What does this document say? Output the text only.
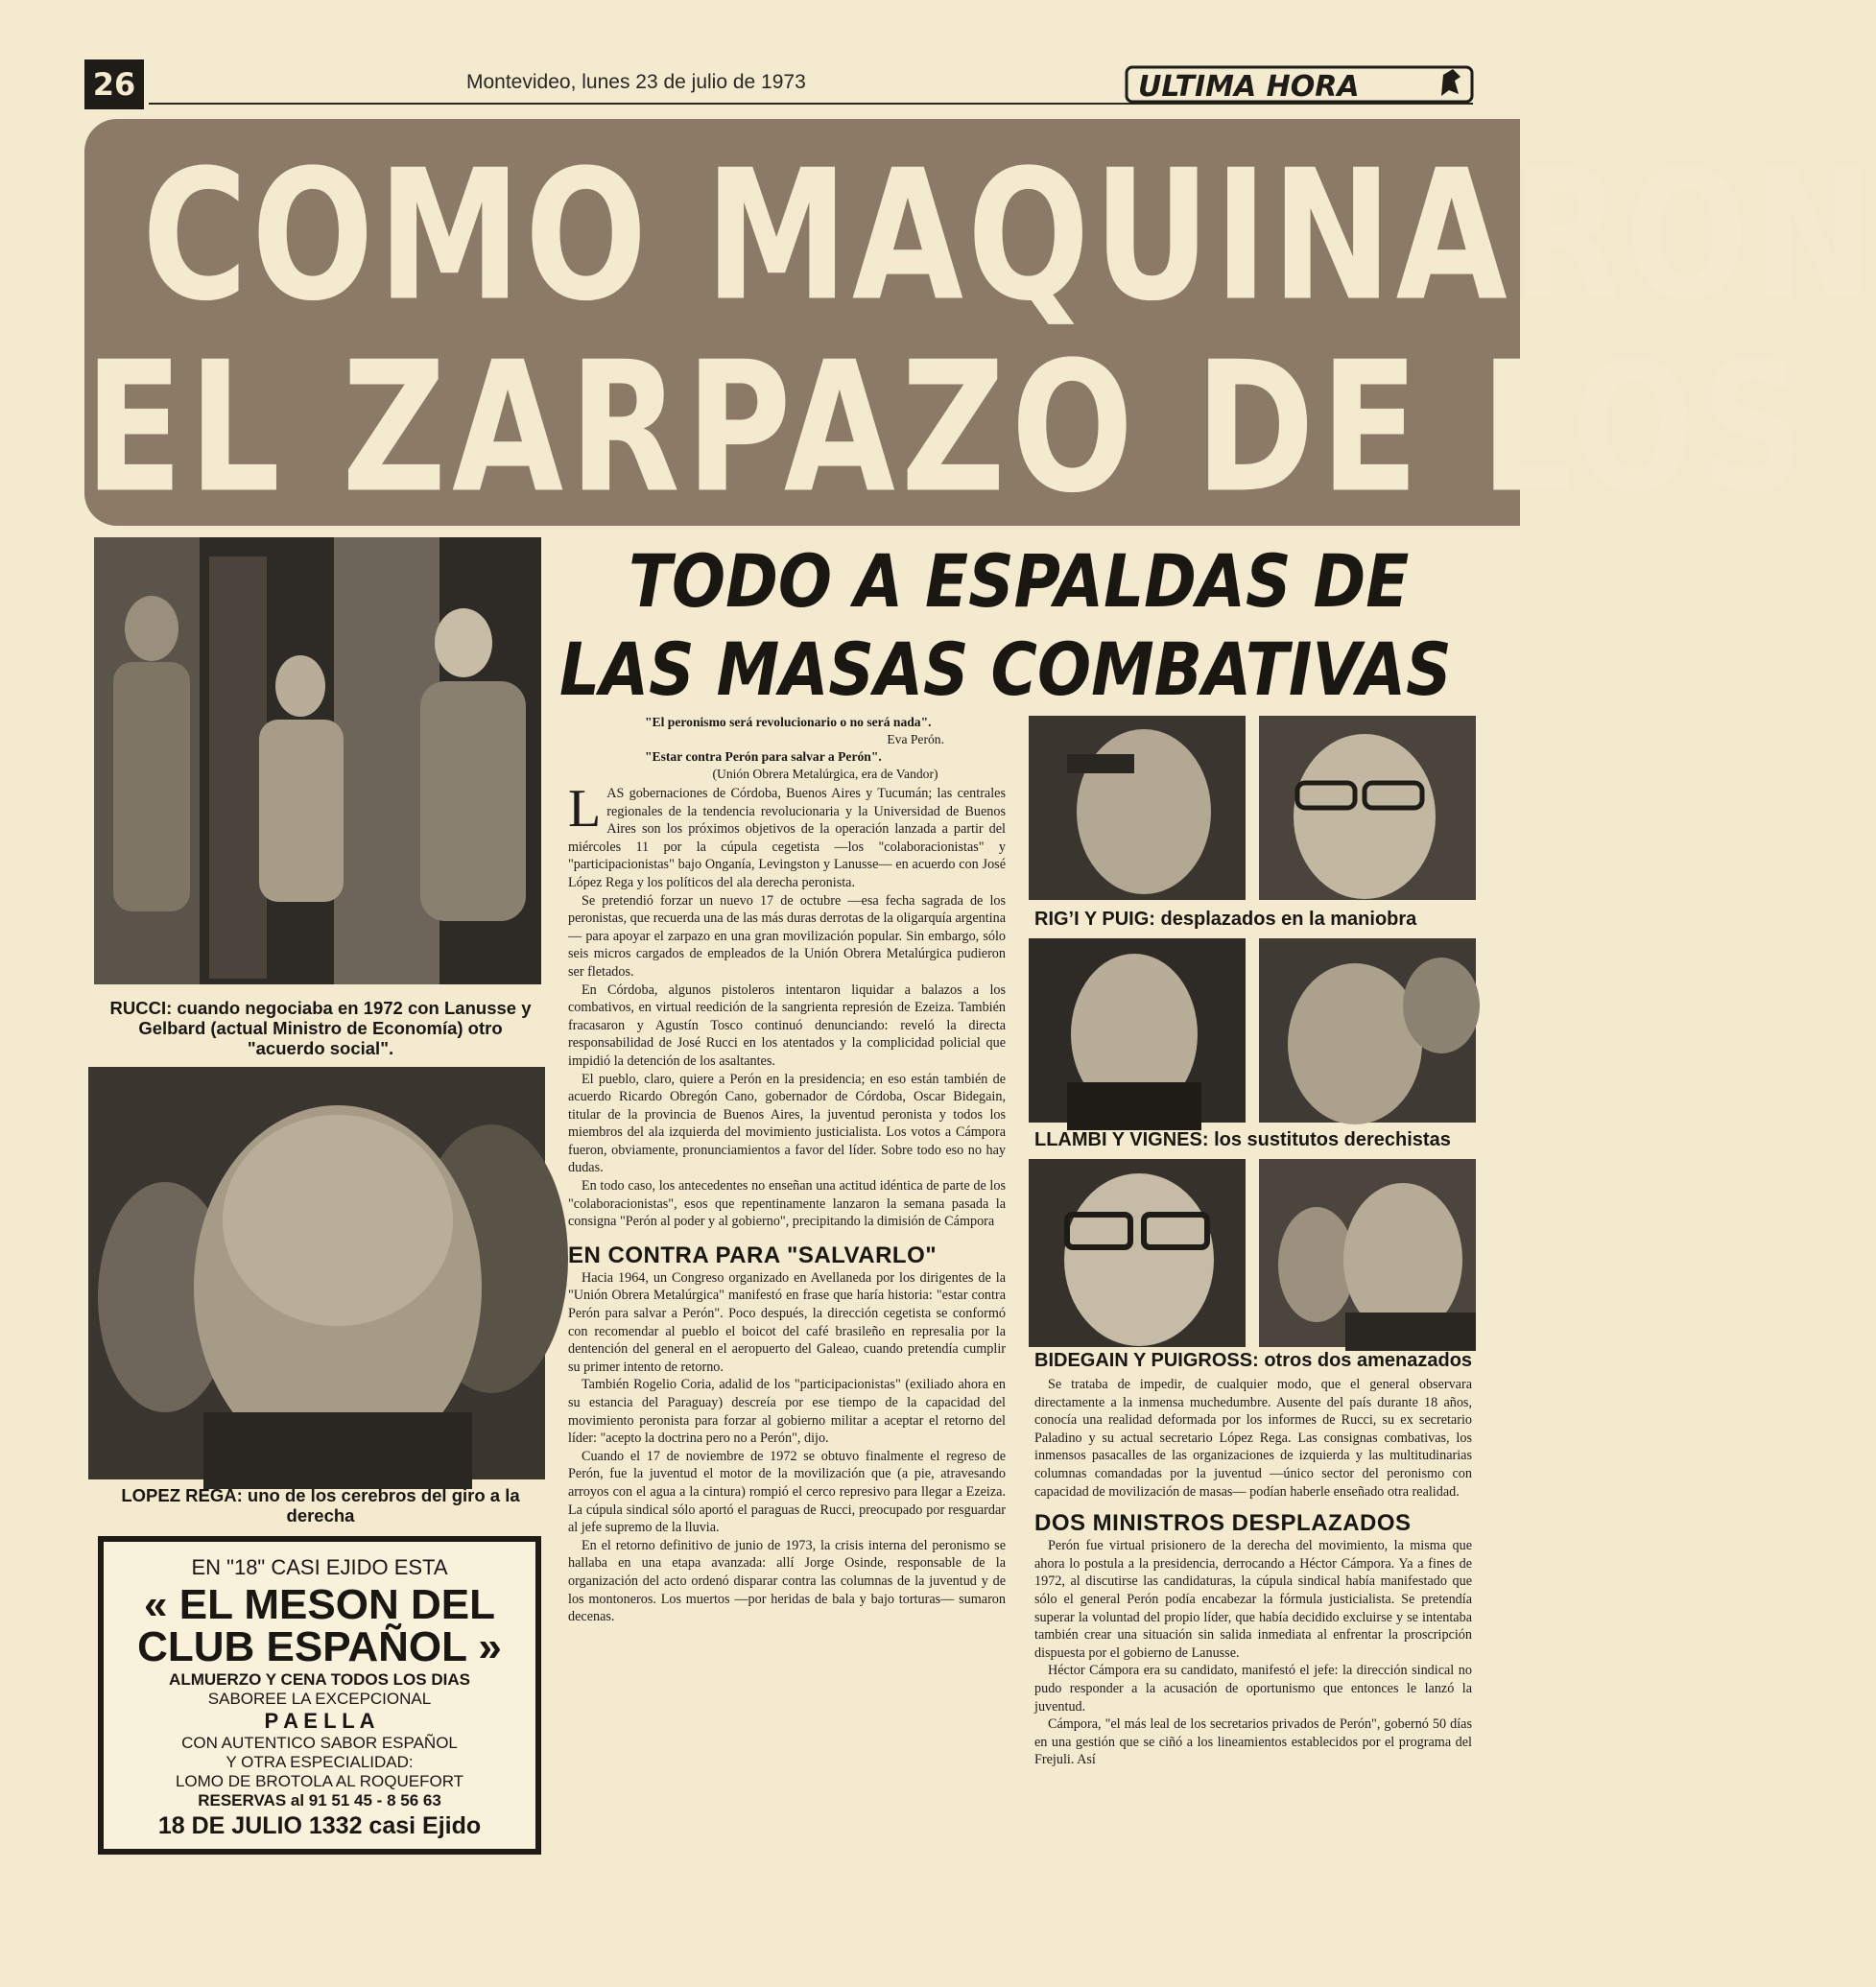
26	Montevideo, lunes 23 de julio de 1973	ULTIMA HORA
COMO MAQUINARON
EL ZARPAZO DE LOS
TODO A ESPALDAS DE
LAS MASAS COMBATIVAS
RUCCI: cuando negociaba en 1972 con Lanusse y Gelbard (actual Ministro de Economía) otro "acuerdo social".
LOPEZ REGA: uno de los cerebros del giro a la derecha
EN "18" CASI EJIDO ESTA
« EL MESON DEL
CLUB ESPAÑOL »
ALMUERZO Y CENA TODOS LOS DIAS
SABOREE LA EXCEPCIONAL
P A E L L A
CON AUTENTICO SABOR ESPAÑOL
Y OTRA ESPECIALIDAD:
LOMO DE BROTOLA AL ROQUEFORT
RESERVAS al 91 51 45 - 8 56 63
18 DE JULIO 1332 casi Ejido
"El peronismo será revolucionario o no será nada".
Eva Perón.
"Estar contra Perón para salvar a Perón".
(Unión Obrera Metalúrgica, era de Vandor)

LAS gobernaciones de Córdoba, Buenos Aires y Tucumán; las centrales regionales de la tendencia revolucionaria y la Universidad de Buenos Aires son los próximos objetivos de la operación lanzada a partir del miércoles 11 por la cúpula cegetista —los "colaboracionistas" y "participacionistas" bajo Onganía, Levingston y Lanusse— en acuerdo con José López Rega y los políticos del ala derecha peronista.

Se pretendió forzar un nuevo 17 de octubre —esa fecha sagrada de los peronistas, que recuerda una de las más duras derrotas de la oligarquía argentina— para apoyar el zarpazo en una gran movilización popular. Sin embargo, sólo seis micros cargados de empleados de la Unión Obrera Metalúrgica pudieron ser fletados.

En Córdoba, algunos pistoleros intentaron liquidar a balazos a los combativos, en virtual reedición de la sangrienta represión de Ezeiza. También fracasaron y Agustín Tosco continuó denunciando: reveló la directa responsabilidad de José Rucci en los atentados y la complicidad policial que impidió la detención de los asaltantes.

El pueblo, claro, quiere a Perón en la presidencia; en eso están también de acuerdo Ricardo Obregón Cano, gobernador de Córdoba, Oscar Bidegain, titular de la provincia de Buenos Aires, la juventud peronista y todos los miembros del ala izquierda del movimiento justicialista. Los votos a Cámpora fueron, obviamente, pronunciamientos a favor del líder. Sobre todo eso no hay dudas.

En todo caso, los antecedentes no enseñan una actitud idéntica de parte de los "colaboracionistas", esos que repentinamente lanzaron la semana pasada la consigna "Perón al poder y al gobierno", precipitando la dimisión de Cámpora

EN CONTRA PARA "SALVARLO"

Hacia 1964, un Congreso organizado en Avellaneda por los dirigentes de la "Unión Obrera Metalúrgica" manifestó en frase que haría historia: "estar contra Perón para salvar a Perón". Poco después, la dirección cegetista se conformó con recomendar al pueblo el boicot del café brasileño en represalia por la dentención del general en el aeropuerto del Galeao, cuando pretendía cumplir su primer intento de retorno.

También Rogelio Coria, adalid de los "participacionistas" (exiliado ahora en su estancia del Paraguay) descreía por ese tiempo de la capacidad del movimiento peronista para forzar al gobierno militar a aceptar el retorno del líder: "acepto la doctrina pero no a Perón", dijo.

Cuando el 17 de noviembre de 1972 se obtuvo finalmente el regreso de Perón, fue la juventud el motor de la movilización que (a pie, atravesando arroyos con el agua a la cintura) rompió el cerco represivo para llegar a Ezeiza. La cúpula sindical sólo aportó el paraguas de Rucci, preocupado por resguardar al jefe supremo de la lluvia.

En el retorno definitivo de junio de 1973, la crisis interna del peronismo se hallaba en una etapa avanzada: allí Jorge Osinde, responsable de la organización del acto ordenó disparar contra las columnas de la juventud y de los montoneros. Los muertos —por heridas de bala y bajo torturas— sumaron decenas.

RIGʼI Y PUIG: desplazados en la maniobra
LLAMBI Y VIGNES: los sustitutos derechistas
BIDEGAIN Y PUIGROSS: otros dos amenazados

Se trataba de impedir, de cualquier modo, que el general observara directamente a la inmensa muchedumbre. Ausente del país durante 18 años, conocía una realidad deformada por los informes de Rucci, su ex secretario Paladino y su actual secretario López Rega. Las consignas combativas, los inmensos pasacalles de las organizaciones de izquierda y las multitudinarias columnas comandadas por la juventud —único sector del peronismo con capacidad de movilización de masas— podían haberle enseñado otra realidad.

DOS MINISTROS DESPLAZADOS

Perón fue virtual prisionero de la derecha del movimiento, la misma que ahora lo postula a la presidencia, derrocando a Héctor Cámpora. Ya a fines de 1972, al discutirse las candidaturas, la cúpula sindical había manifestado que sólo el general Perón podía encabezar la fórmula justicialista. Se pretendía superar la voluntad del propio líder, que había decidido excluirse y se intentaba también crear una situación sin salida inmediata al enfrentar la proscripción dispuesta por el gobierno de Lanusse.

Héctor Cámpora era su candidato, manifestó el jefe: la dirección sindical no pudo responder a la acusación de oportunismo que entonces le lanzó la juventud.

Cámpora, "el más leal de los secretarios privados de Perón", gobernó 50 días en una gestión que se ciñó a los lineamientos establecidos por el programa del Frejuli. Así
